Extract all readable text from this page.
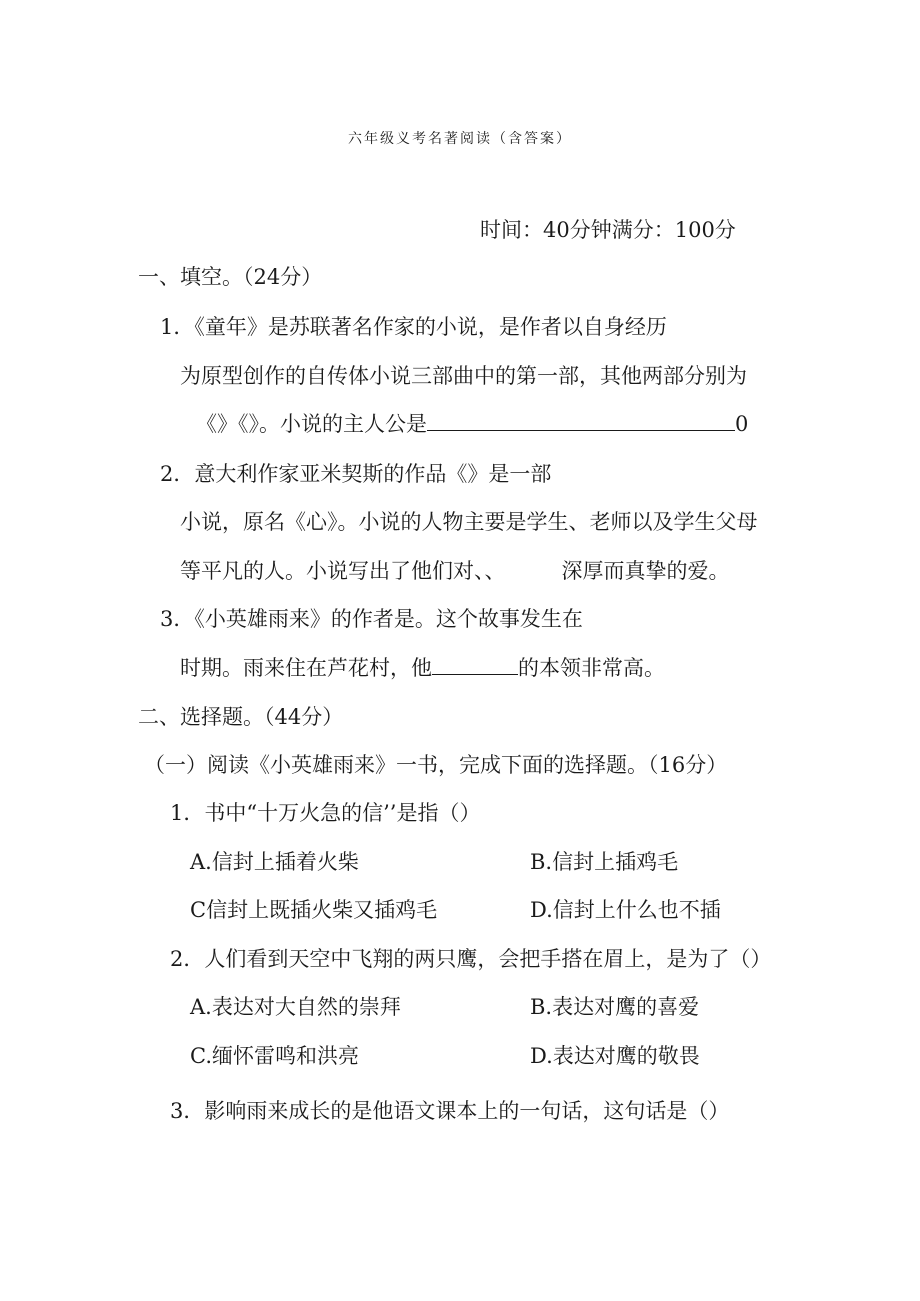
六年级义考名著阅读（含答案）
时间：40分钟满分：100分
一、填空。（24分）
1．《童年》是苏联著名作家的小说，是作者以自身经历
为原型创作的自传体小说三部曲中的第一部，其他两部分别为
《》《》。小说的主人公是	0
2．意大利作家亚米契斯的作品《》是一部
小说，原名《心》。小说的人物主要是学生、老师以及学生父母
等平凡的人。小说写出了他们对、、	深厚而真挚的爱。
3．《小英雄雨来》的作者是。这个故事发生在
时期。雨来住在芦花村，他	的本领非常高。
二、选择题。（44分）
（一）阅读《小英雄雨来》一书，完成下面的选择题。（16分）
1．书中“十万火急的信’’是指（）
A.信封上插着火柴	B.信封上插鸡毛
C信封上既插火柴又插鸡毛	D.信封上什么也不插
2．人们看到天空中飞翔的两只鹰，会把手搭在眉上，是为了（）
A.表达对大自然的崇拜	B.表达对鹰的喜爱
C.缅怀雷鸣和洪亮	D.表达对鹰的敬畏
3．影响雨来成长的是他语文课本上的一句话，这句话是（）
